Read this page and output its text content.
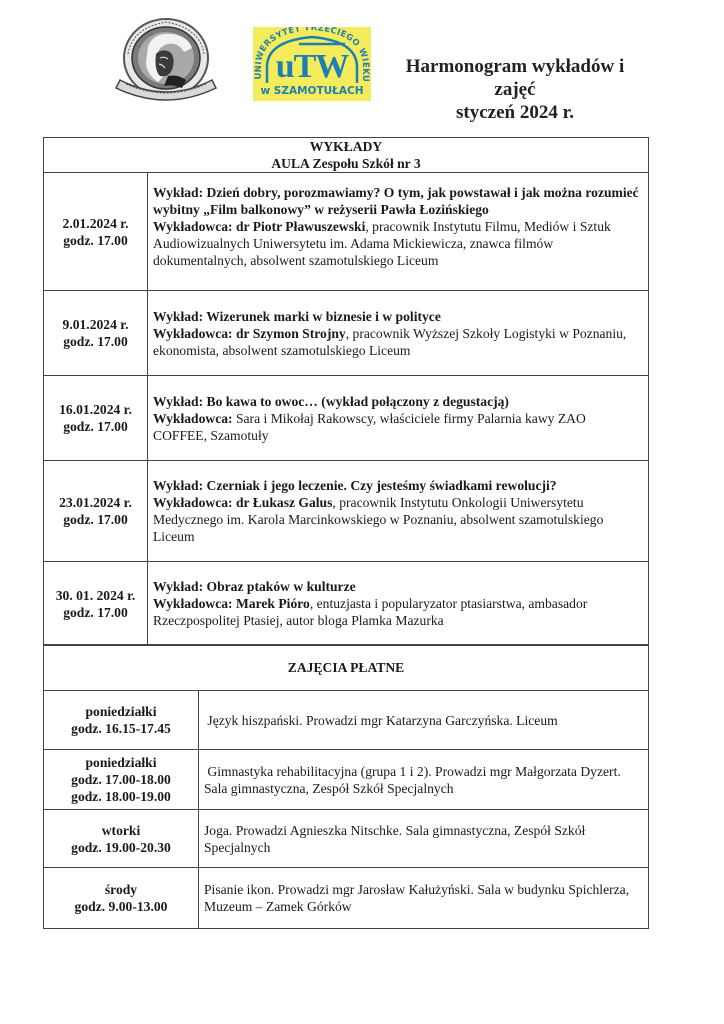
UNIWERSYTET TRZECIEGO WIEKU
uTW
w SZAMOTUŁACH
Harmonogram wykładów i zajęć
styczeń 2024 r.
WYKŁADY
AULA Zespołu Szkół nr 3	

2.01.2024 r.
godz. 17.00

Wykład: Dzień dobry, porozmawiamy? O tym, jak powstawał i jak można rozumieć wybitny „Film balkonowy” w reżyserii Pawła Łozińskiego
Wykładowca: dr Piotr Pławuszewski, pracownik Instytutu Filmu, Mediów i Sztuk Audiowizualnych Uniwersytetu im. Adama Mickiewicza, znawca filmów dokumentalnych, absolwent szamotulskiego Liceum

9.01.2024 r.
godz. 17.00
	Wykład: Wizerunek marki w biznesie i w polityce
Wykładowca: dr Szymon Strojny, pracownik Wyższej Szkoły Logistyki w Poznaniu, ekonomista, absolwent szamotulskiego Liceum

16.01.2024 r.
godz. 17.00
	Wykład: Bo kawa to owoc… (wykład połączony z degustacją)
Wykładowca: Sara i Mikołaj Rakowscy, właściciele firmy Palarnia kawy ZAO COFFEE, Szamotuły

23.01.2024 r.
godz. 17.00
	Wykład: Czerniak i jego leczenie. Czy jesteśmy świadkami rewolucji?
Wykładowca: dr Łukasz Galus, pracownik Instytutu Onkologii Uniwersytetu Medycznego im. Karola Marcinkowskiego w Poznaniu, absolwent szamotulskiego Liceum

30. 01. 2024 r.
godz. 17.00
	Wykład: Obraz ptaków w kulturze
Wykładowca: Marek Pióro, entuzjasta i popularyzator ptasiarstwa, ambasador Rzeczpospolitej Ptasiej, autor bloga Plamka Mazurka
ZAJĘCIA PŁATNE	

poniedziałki
godz. 16.15-17.45	Język hiszpański. Prowadzi mgr Katarzyna Garczyńska. Liceum

poniedziałki
godz. 17.00-18.00
godz. 18.00-19.00	Gimnastyka rehabilitacyjna (grupa 1 i 2). Prowadzi mgr Małgorzata Dyzert. Sala gimnastyczna, Zespół Szkół Specjalnych

wtorki
godz. 19.00-20.30	Joga. Prowadzi Agnieszka Nitschke. Sala gimnastyczna, Zespół Szkół Specjalnych

środy
godz. 9.00-13.00	Pisanie ikon. Prowadzi mgr Jarosław Kałużyński. Sala w budynku Spichlerza, Muzeum – Zamek Górków
